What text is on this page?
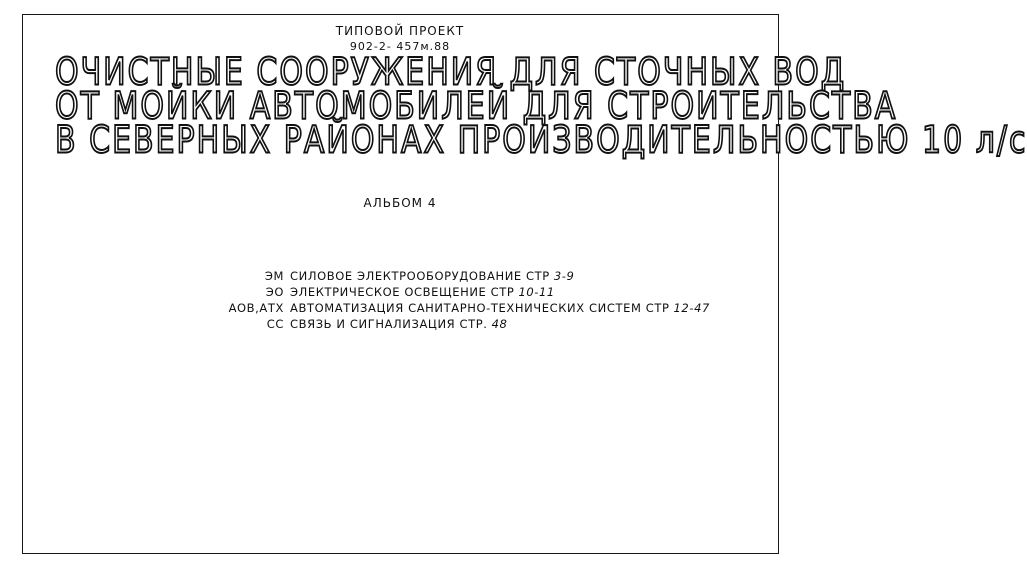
ТИПОВОЙ ПРОЕКТ
902-2- 457м.88
ОЧИСТНЫЕ СООРУЖЕНИЯ ДЛЯ СТОЧНЫХ ВОД
ОТ МОЙКИ АВТОМОБИЛЕЙ ДЛЯ СТРОИТЕЛЬСТВА
В СЕВЕРНЫХ РАЙОНАХ ПРОИЗВОДИТЕЛЬНОСТЬЮ 10 л/с
АЛЬБОМ 4
ЭМ СИЛОВОЕ ЭЛЕКТРООБОРУДОВАНИЕ СТР 3-9
ЭО ЭЛЕКТРИЧЕСКОЕ ОСВЕЩЕНИЕ СТР 10-11
АОВ,АТХ АВТОМАТИЗАЦИЯ САНИТАРНО-ТЕХНИЧЕСКИХ СИСТЕМ СТР 12-47
СС СВЯЗЬ И СИГНАЛИЗАЦИЯ СТР. 48
